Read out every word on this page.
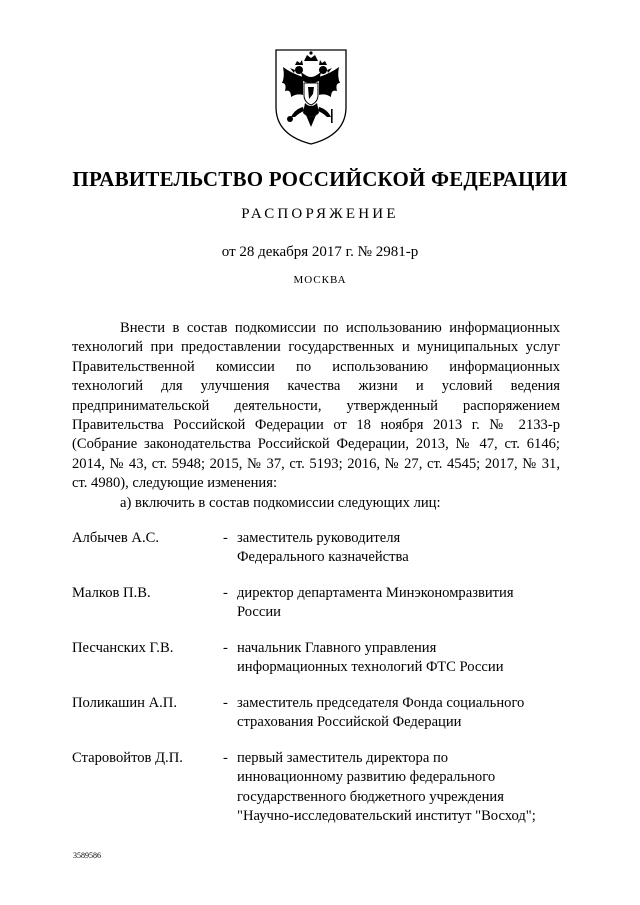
ПРАВИТЕЛЬСТВО РОССИЙСКОЙ ФЕДЕРАЦИИ
РАСПОРЯЖЕНИЕ
от 28 декабря 2017 г. № 2981-р
МОСКВА

Внести в состав подкомиссии по использованию информационных
технологий при предоставлении государственных и муниципальных услуг
Правительственной комиссии по использованию информационных
технологий для улучшения качества жизни и условий ведения
предпринимательской деятельности, утвержденный распоряжением
Правительства Российской Федерации от 18 ноября 2013 г. № 2133-р
(Собрание законодательства Российской Федерации, 2013, № 47, ст. 6146;
2014, № 43, ст. 5948; 2015, № 37, ст. 5193; 2016, № 27, ст. 4545; 2017, № 31,
ст. 4980), следующие изменения:

а) включить в состав подкомиссии следующих лиц:

Албычев А.С.	- заместитель руководителя
Федерального казначейства
Малков П.В.	- директор департамента Минэкономразвития
России
Песчанских Г.В.	- начальник Главного управления
информационных технологий ФТС России
Поликашин А.П.	- заместитель председателя Фонда социального
страхования Российской Федерации
Старовойтов Д.П.	- первый заместитель директора по
инновационному развитию федерального
государственного бюджетного учреждения
"Научно-исследовательский институт "Восход";
3589586
